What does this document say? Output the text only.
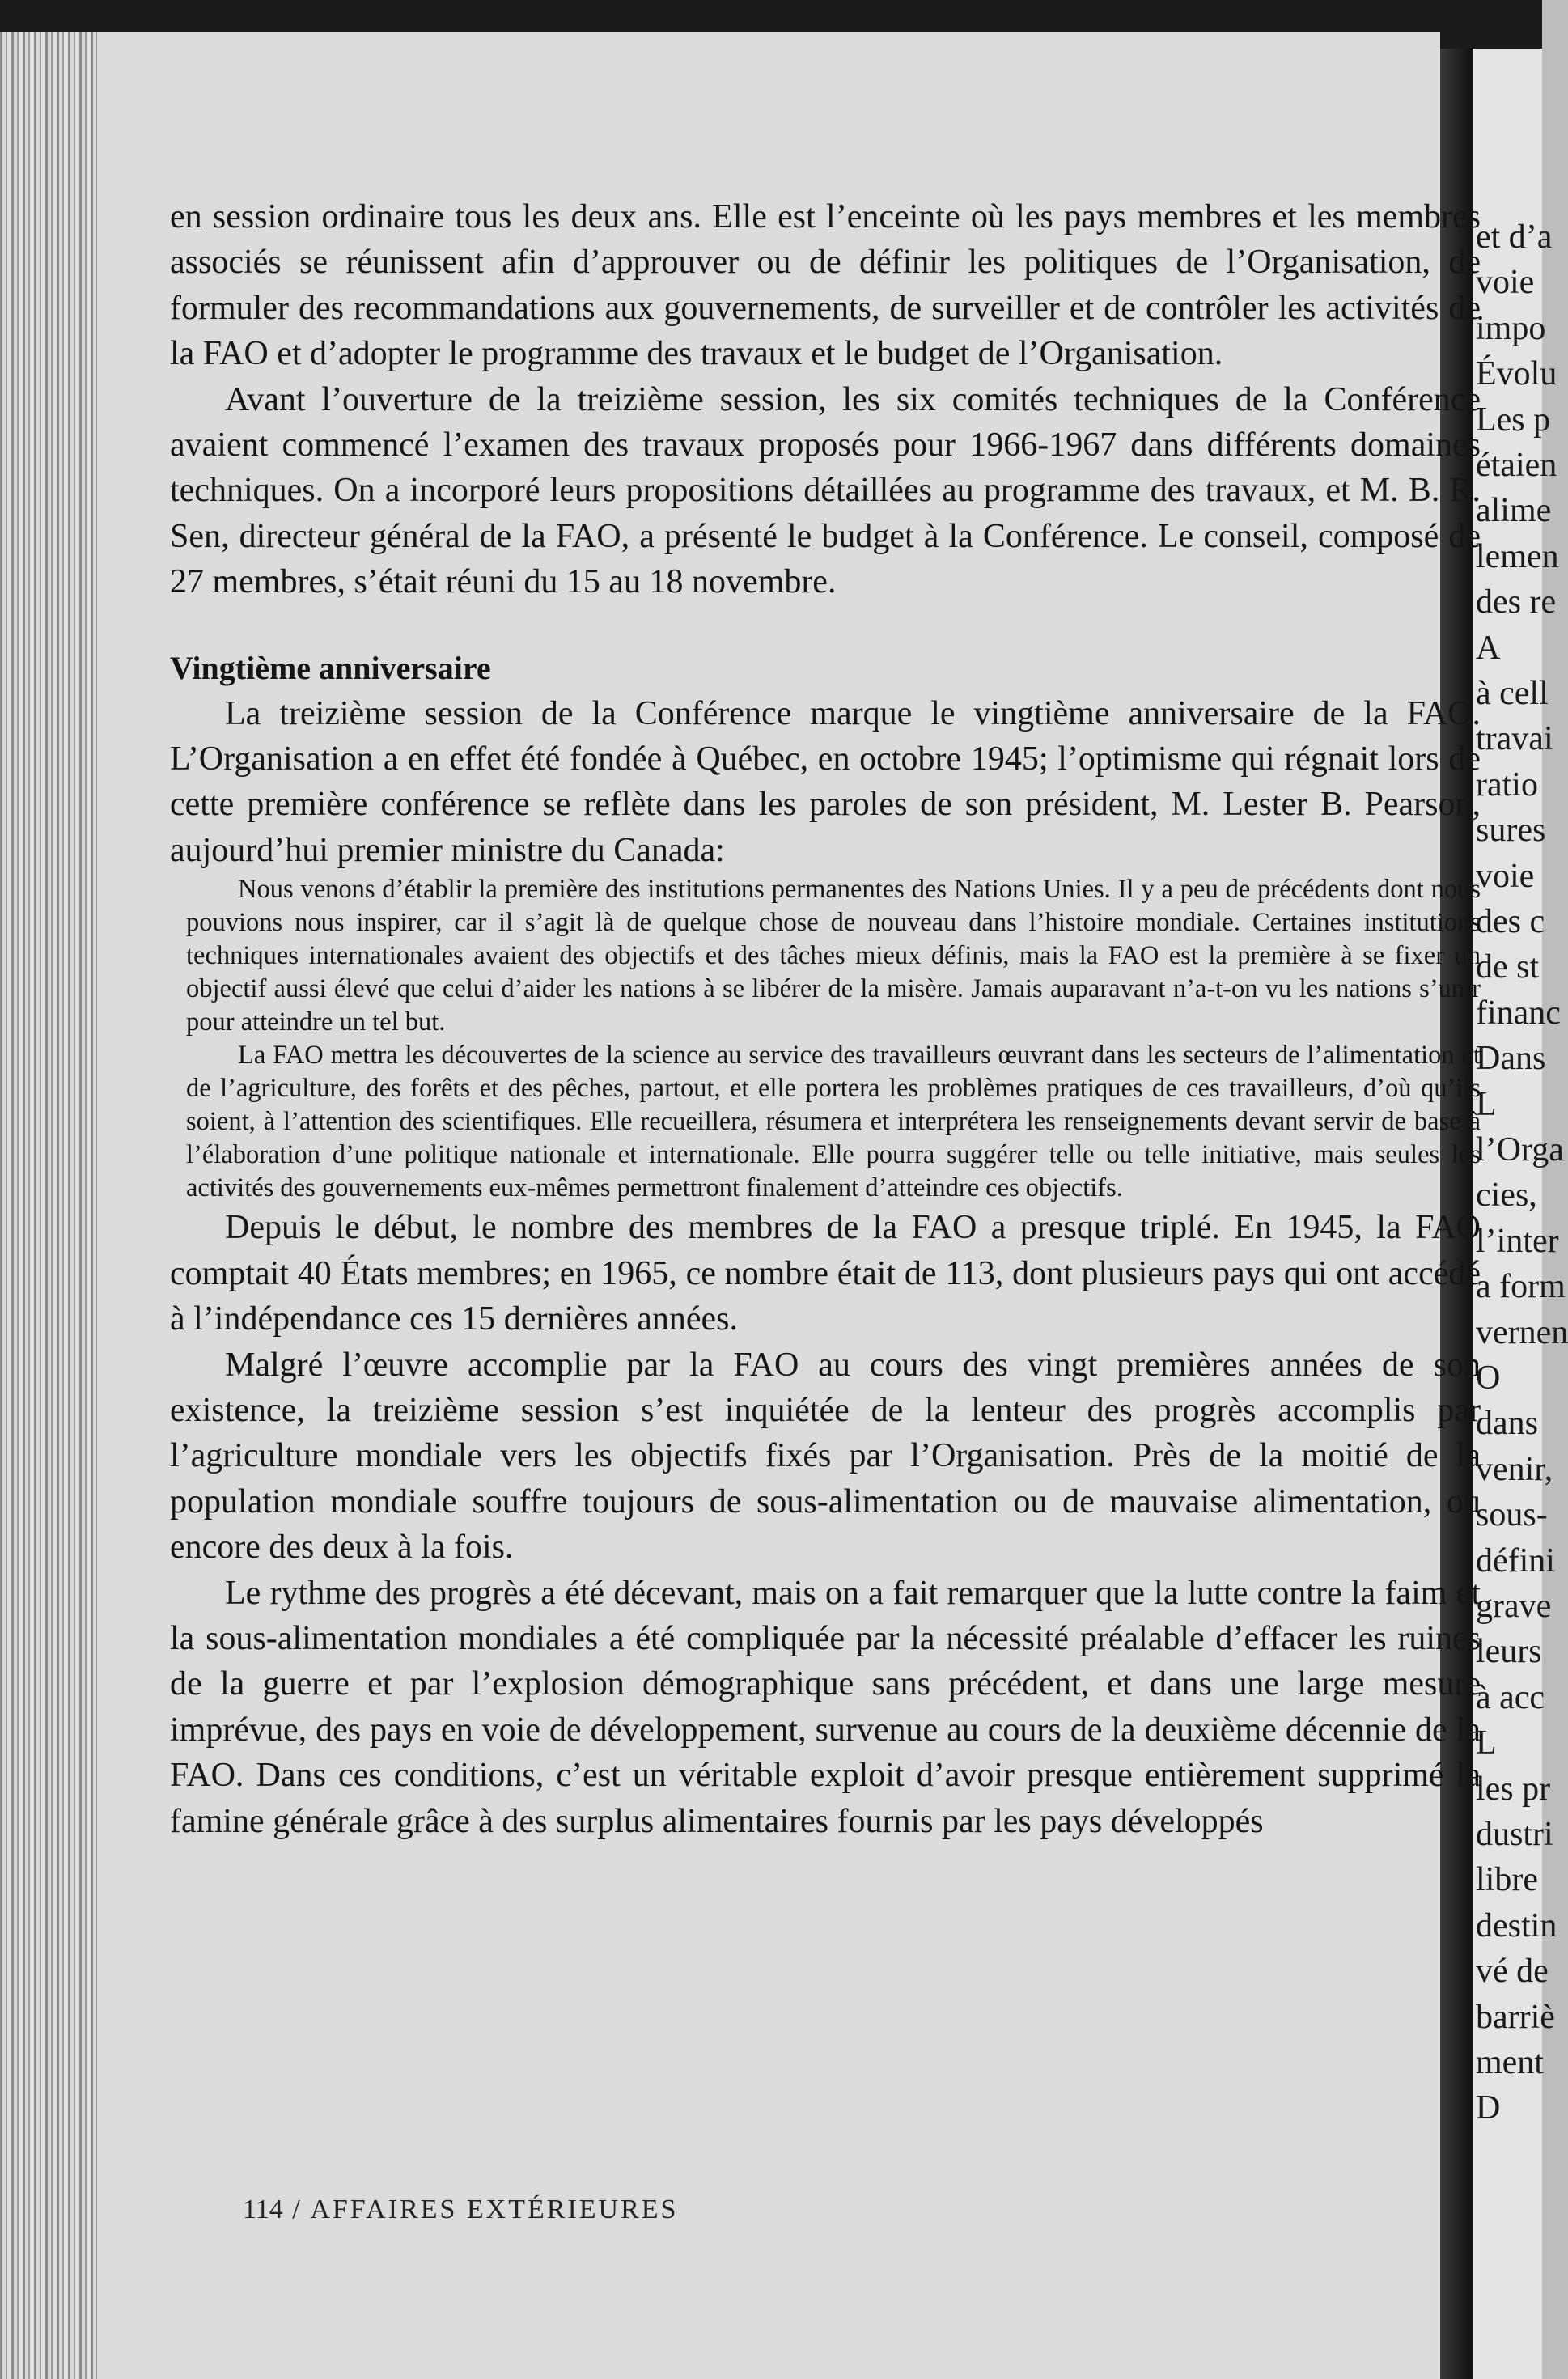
et d’a
voie
impo
Évolu
Les p
étaien
alime
lemen
des re
A
à cell
travai
ratio
sures
voie
des c
de st
financ
Dans
L
l’Orga
cies,
l’inter
a form
vernen
O
dans
venir,
sous-
défini
grave
leurs
à acc
L
les pr
dustri
libre
destin
vé de
barriè
ment
D

en session ordinaire tous les deux ans. Elle est l’enceinte où les pays membres et les membres associés se réunissent afin d’approuver ou de définir les politiques de l’Organisation, de formuler des recommandations aux gouvernements, de surveiller et de contrôler les activités de la FAO et d’adopter le programme des travaux et le budget de l’Organisation.

Avant l’ouverture de la treizième session, les six comités techniques de la Conférence avaient commencé l’examen des travaux proposés pour 1966-1967 dans différents domaines techniques. On a incorporé leurs propositions détaillées au programme des travaux, et M. B. R. Sen, directeur général de la FAO, a présenté le budget à la Conférence. Le conseil, composé de 27 membres, s’était réuni du 15 au 18 novembre.

Vingtième anniversaire

La treizième session de la Conférence marque le vingtième anniversaire de la FAO. L’Organisation a en effet été fondée à Québec, en octobre 1945; l’optimisme qui régnait lors de cette première conférence se reflète dans les paroles de son président, M. Lester B. Pearson, aujourd’hui premier ministre du Canada:

Nous venons d’établir la première des institutions permanentes des Nations Unies. Il y a peu de précédents dont nous pouvions nous inspirer, car il s’agit là de quelque chose de nouveau dans l’histoire mondiale. Certaines institutions techniques internationales avaient des objectifs et des tâches mieux définis, mais la FAO est la première à se fixer un objectif aussi élevé que celui d’aider les nations à se libérer de la misère. Jamais auparavant n’a-t-on vu les nations s’unir pour atteindre un tel but.

La FAO mettra les découvertes de la science au service des travailleurs œuvrant dans les secteurs de l’alimentation et de l’agriculture, des forêts et des pêches, partout, et elle portera les problèmes pratiques de ces travailleurs, d’où qu’ils soient, à l’attention des scientifiques. Elle recueillera, résumera et interprétera les renseignements devant servir de base à l’élaboration d’une politique nationale et internationale. Elle pourra suggérer telle ou telle initiative, mais seules les activités des gouvernements eux-mêmes permettront finalement d’atteindre ces objectifs.

Depuis le début, le nombre des membres de la FAO a presque triplé. En 1945, la FAO comptait 40 États membres; en 1965, ce nombre était de 113, dont plusieurs pays qui ont accédé à l’indépendance ces 15 dernières années.

Malgré l’œuvre accomplie par la FAO au cours des vingt premières années de son existence, la treizième session s’est inquiétée de la lenteur des progrès accomplis par l’agriculture mondiale vers les objectifs fixés par l’Organisation. Près de la moitié de la population mondiale souffre toujours de sous-alimentation ou de mauvaise alimentation, ou encore des deux à la fois.

Le rythme des progrès a été décevant, mais on a fait remarquer que la lutte contre la faim et la sous-alimentation mondiales a été compliquée par la nécessité préalable d’effacer les ruines de la guerre et par l’explosion démographique sans précédent, et dans une large mesure imprévue, des pays en voie de développement, survenue au cours de la deuxième décennie de la FAO. Dans ces conditions, c’est un véritable exploit d’avoir presque entièrement supprimé la famine générale grâce à des surplus alimentaires fournis par les pays développés

114 / AFFAIRES EXTÉRIEURES
